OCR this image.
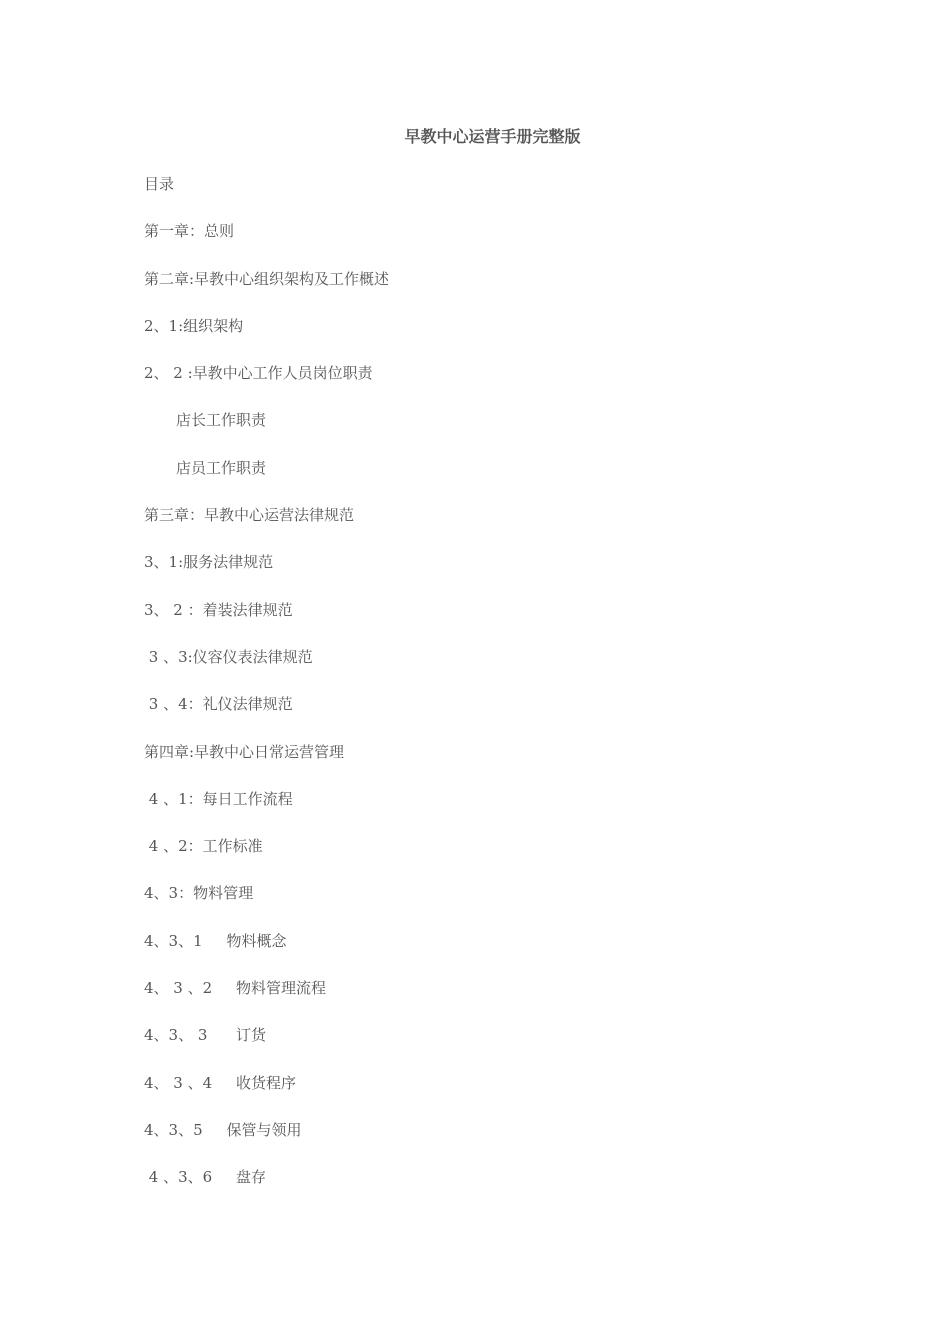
早教中心运营手册完整版
目录
第一章：总则
第二章:早教中心组织架构及工作概述
2、1:组织架构
2、 2 :早教中心工作人员岗位职责
店长工作职责
店员工作职责
第三章：早教中心运营法律规范
3、1:服务法律规范
3、 2 ：着装法律规范
3 、3:仪容仪表法律规范
3 、4：礼仪法律规范
第四章:早教中心日常运营管理
4 、1：每日工作流程
4 、2：工作标准
4、3：物料管理
4、3、1     物料概念
4、 3 、2     物料管理流程
4、3、 3      订货
4、 3 、4     收货程序
4、3、5     保管与领用
4 、3、6     盘存
